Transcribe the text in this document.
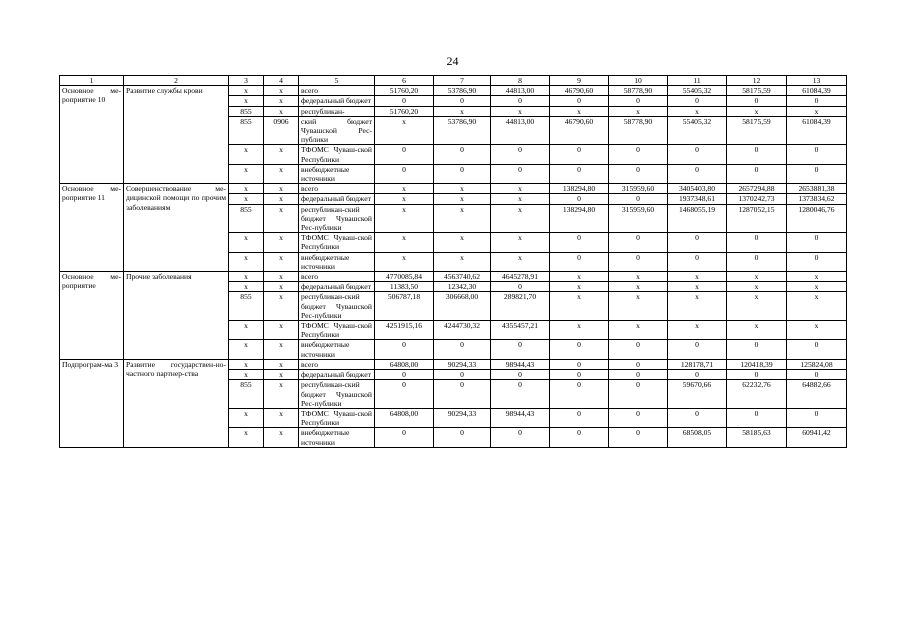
24
1	2	3	4	5	6	7	8	9	10	11	12	13
Основное ме-роприятие 10	Развитие службы крови	х	х	всего	51760,20	53786,90	44813,00	46790,60	58778,90	55405,32	58175,59	61084,39
		х	х	федеральный бюджет	0	0	0	0	0	0	0	0
		855	х	республикан-	51760,20	х	х	х	х	х	х	х
		855	0906	ский бюджет Чувашской Рес-публики	х	53786,90	44813,00	46790,60	58778,90	55405,32	58175,59	61084,39
		х	х	ТФОМС Чуваш-ской Республики	0	0	0	0	0	0	0	0
		х	х	внебюджетные источники	0	0	0	0	0	0	0	0
Основное ме-роприятие 11	Совершенствование ме-дицинской помощи по прочим заболеваниям	х	х	всего	х	х	х	138294,80	315959,60	3405403,80	2657294,88	2653881,38
		х	х	федеральный бюджет	х	х	х	0	0	1937348,61	1370242,73	1373834,62
		855	х	республикан-ский бюджет Чувашской Рес-публики	х	х	х	138294,80	315959,60	1468055,19	1287052,15	1280046,76
		х	х	ТФОМС Чуваш-ской Республики	х	х	х	0	0	0	0	0
		х	х	внебюджетные источники	х	х	х	0	0	0	0	0
Основное ме-роприятие	Прочие заболевания	х	х	всего	4770085,84	4563740,62	4645278,91	х	х	х	х	х
		х	х	федеральный бюджет	11383,50	12342,30	0	х	х	х	х	х
		855	х	республикан-ский бюджет Чувашской Рес-публики	506787,18	306668,00	289821,70	х	х	х	х	х
		х	х	ТФОМС Чуваш-ской Республики	4251915,16	4244730,32	4355457,21	х	х	х	х	х
		х	х	внебюджетные источники	0	0	0	0	0	0	0	0
Подпрограм-ма 3	Развитие государствен-но-частного партнер-ства	х	х	всего	64808,00	90294,33	98944,43	0	0	128178,71	120418,39	125824,08
		х	х	федеральный бюджет	0	0	0	0	0	0	0	0
		855	х	республикан-ский бюджет Чувашской Рес-публики	0	0	0	0	0	59670,66	62232,76	64882,66
		х	х	ТФОМС Чуваш-ской Республики	64808,00	90294,33	98944,43	0	0	0	0	0
		х	х	внебюджетные источники	0	0	0	0	0	68508,05	58185,63	60941,42
